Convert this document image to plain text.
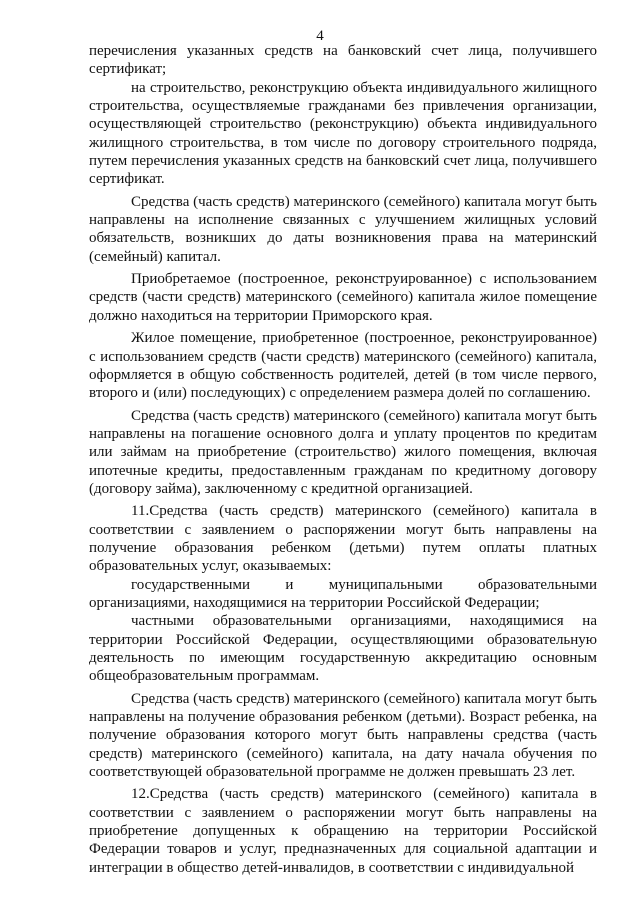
4

перечисления указанных средств на банковский счет лица, получившего сертификат;

на строительство, реконструкцию объекта индивидуального жилищного строительства, осуществляемые гражданами без привлечения организации, осуществляющей строительство (реконструкцию) объекта индивидуального жилищного строительства, в том числе по договору строительного подряда, путем перечисления указанных средств на банковский счет лица, получившего сертификат.

Средства (часть средств) материнского (семейного) капитала могут быть направлены на исполнение связанных с улучшением жилищных условий обязательств, возникших до даты возникновения права на материнский (семейный) капитал.

Приобретаемое (построенное, реконструированное) с использованием средств (части средств) материнского (семейного) капитала жилое помещение должно находиться на территории Приморского края.

Жилое помещение, приобретенное (построенное, реконструированное) с использованием средств (части средств) материнского (семейного) капитала, оформляется в общую собственность родителей, детей (в том числе первого, второго и (или) последующих) с определением размера долей по соглашению.

Средства (часть средств) материнского (семейного) капитала могут быть направлены на погашение основного долга и уплату процентов по кредитам или займам на приобретение (строительство) жилого помещения, включая ипотечные кредиты, предоставленным гражданам по кредитному договору (договору займа), заключенному с кредитной организацией.

11.Средства (часть средств) материнского (семейного) капитала в соответствии с заявлением о распоряжении могут быть направлены на получение образования ребенком (детьми) путем оплаты платных образовательных услуг, оказываемых:

государственными и муниципальными образовательными организациями, находящимися на территории Российской Федерации;

частными образовательными организациями, находящимися на территории Российской Федерации, осуществляющими образовательную деятельность по имеющим государственную аккредитацию основным общеобразовательным программам.

Средства (часть средств) материнского (семейного) капитала могут быть направлены на получение образования ребенком (детьми). Возраст ребенка, на получение образования которого могут быть направлены средства (часть средств) материнского (семейного) капитала, на дату начала обучения по соответствующей образовательной программе не должен превышать 23 лет.

12.Средства (часть средств) материнского (семейного) капитала в соответствии с заявлением о распоряжении могут быть направлены на приобретение допущенных к обращению на территории Российской Федерации товаров и услуг, предназначенных для социальной адаптации и интеграции в общество детей-инвалидов, в соответствии с индивидуальной
